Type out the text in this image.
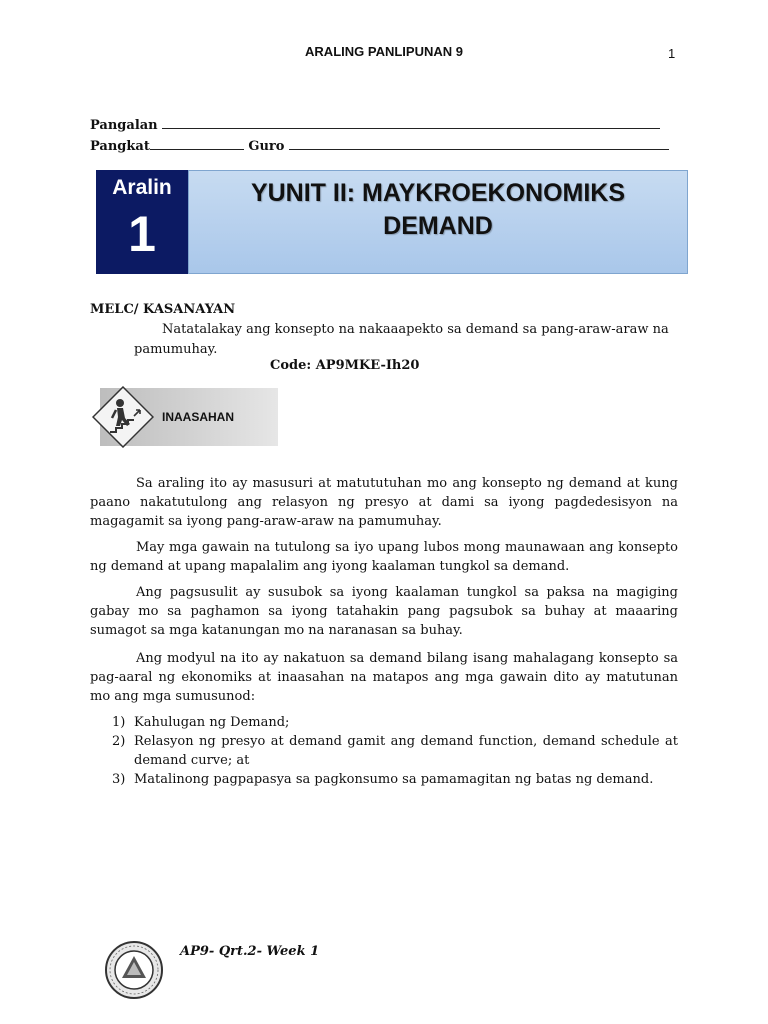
ARALING PANLIPUNAN 9	1
Pangalan
Pangkat	Guro
Aralin
1
YUNIT II: MAYKROEKONOMIKS
DEMAND
MELC/ KASANAYAN
Natatalakay ang konsepto na nakaaapekto sa demand sa pang-araw-araw na pamumuhay.
Code: AP9MKE-Ih20
INAASAHAN
Sa araling ito ay masusuri at matututuhan mo ang konsepto ng demand at kung paano nakatutulong ang relasyon ng presyo at dami sa iyong pagdedesisyon na magagamit sa iyong pang-araw-araw na pamumuhay.
May mga gawain na tutulong sa iyo upang lubos mong maunawaan ang konsepto ng demand at upang mapalalim ang iyong kaalaman tungkol sa demand.
Ang pagsusulit ay susubok sa iyong kaalaman tungkol sa paksa na magiging gabay mo sa paghamon sa iyong tatahakin pang pagsubok sa buhay at maaaring sumagot sa mga katanungan mo na naranasan sa buhay.
Ang modyul na ito ay nakatuon sa demand bilang isang mahalagang konsepto sa pag-aaral ng ekonomiks at inaasahan na matapos ang mga gawain dito ay matutunan mo ang mga sumusunod:
1) Kahulugan ng Demand;
2) Relasyon ng presyo at demand gamit ang demand function, demand schedule at demand curve; at
3) Matalinong pagpapasya sa pagkonsumo sa pamamagitan ng batas ng demand.
AP9- Qrt.2- Week 1
